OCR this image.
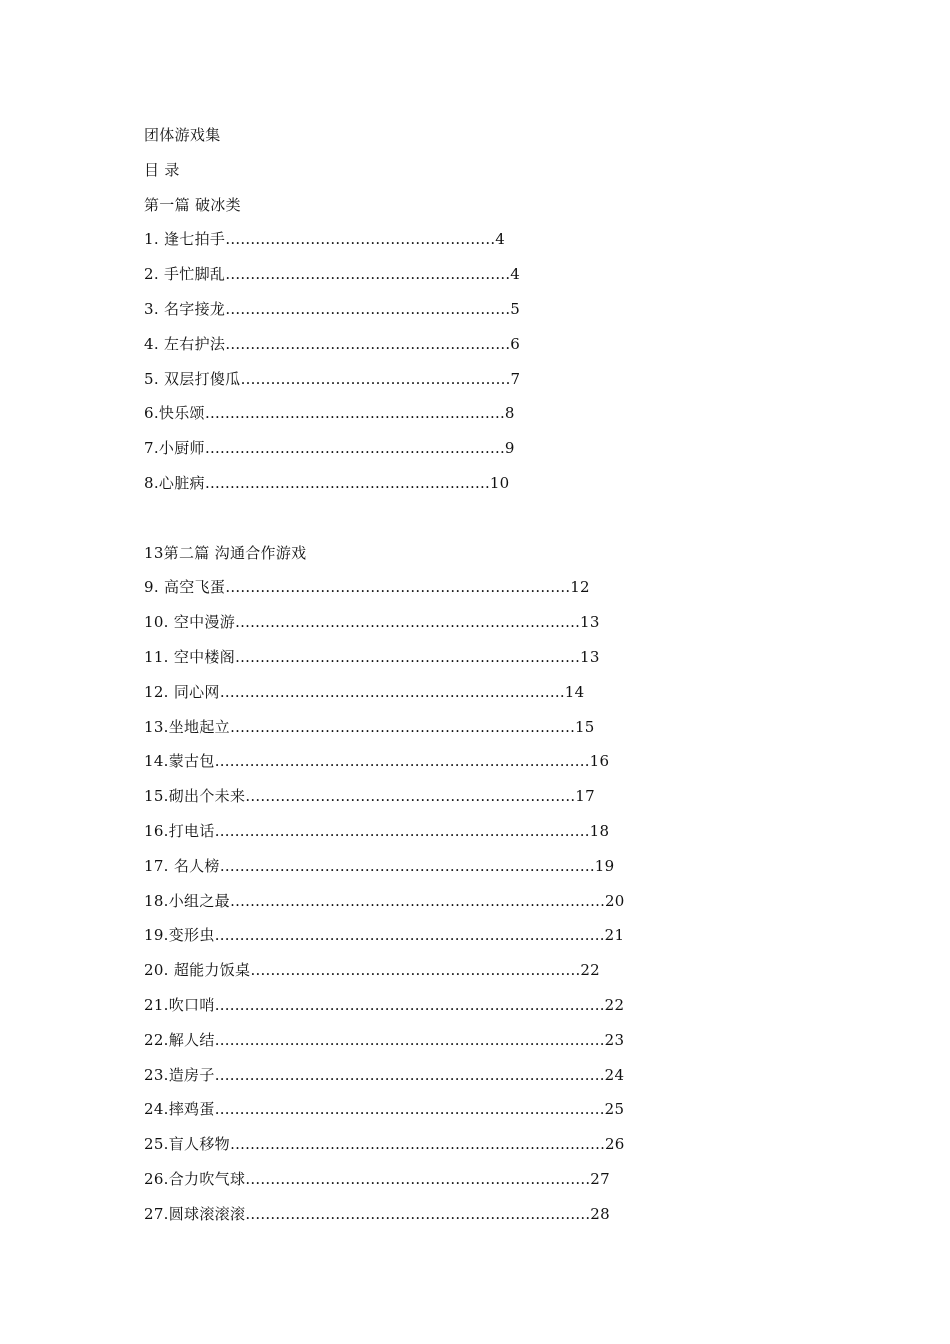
团体游戏集
目 录
第一篇 破冰类
1. 逢七拍手 ……………………………………………… 4
2. 手忙脚乱 ………………………………………………… 4
3. 名字接龙 ………………………………………………… 5
4. 左右护法 ………………………………………………… 6
5. 双层打傻瓜 ……………………………………………… 7
6.快乐颂 …………………………………………………… 8
7.小厨师 …………………………………………………… 9
8.心脏病 ………………………………………………… 10
13第二篇 沟通合作游戏
9. 高空飞蛋 …………………………………………………………… 12
10. 空中漫游 …………………………………………………………… 13
11. 空中楼阁 …………………………………………………………… 13
12. 同心网 …………………………………………………………… 14
13.坐地起立 …………………………………………………………… 15
14.蒙古包 ………………………………………………………………… 16
15.砌出个未来 ………………………………………………………… 17
16.打电话 ………………………………………………………………… 18
17. 名人榜 ………………………………………………………………… 19
18.小组之最 ………………………………………………………………… 20
19.变形虫 …………………………………………………………………… 21
20. 超能力饭桌 ………………………………………………………… 22
21.吹口哨 …………………………………………………………………… 22
22.解人结 …………………………………………………………………… 23
23.造房子 …………………………………………………………………… 24
24.摔鸡蛋 …………………………………………………………………… 25
25.盲人移物 ………………………………………………………………… 26
26.合力吹气球 …………………………………………………………… 27
27.圆球滚滚滚 …………………………………………………………… 28
